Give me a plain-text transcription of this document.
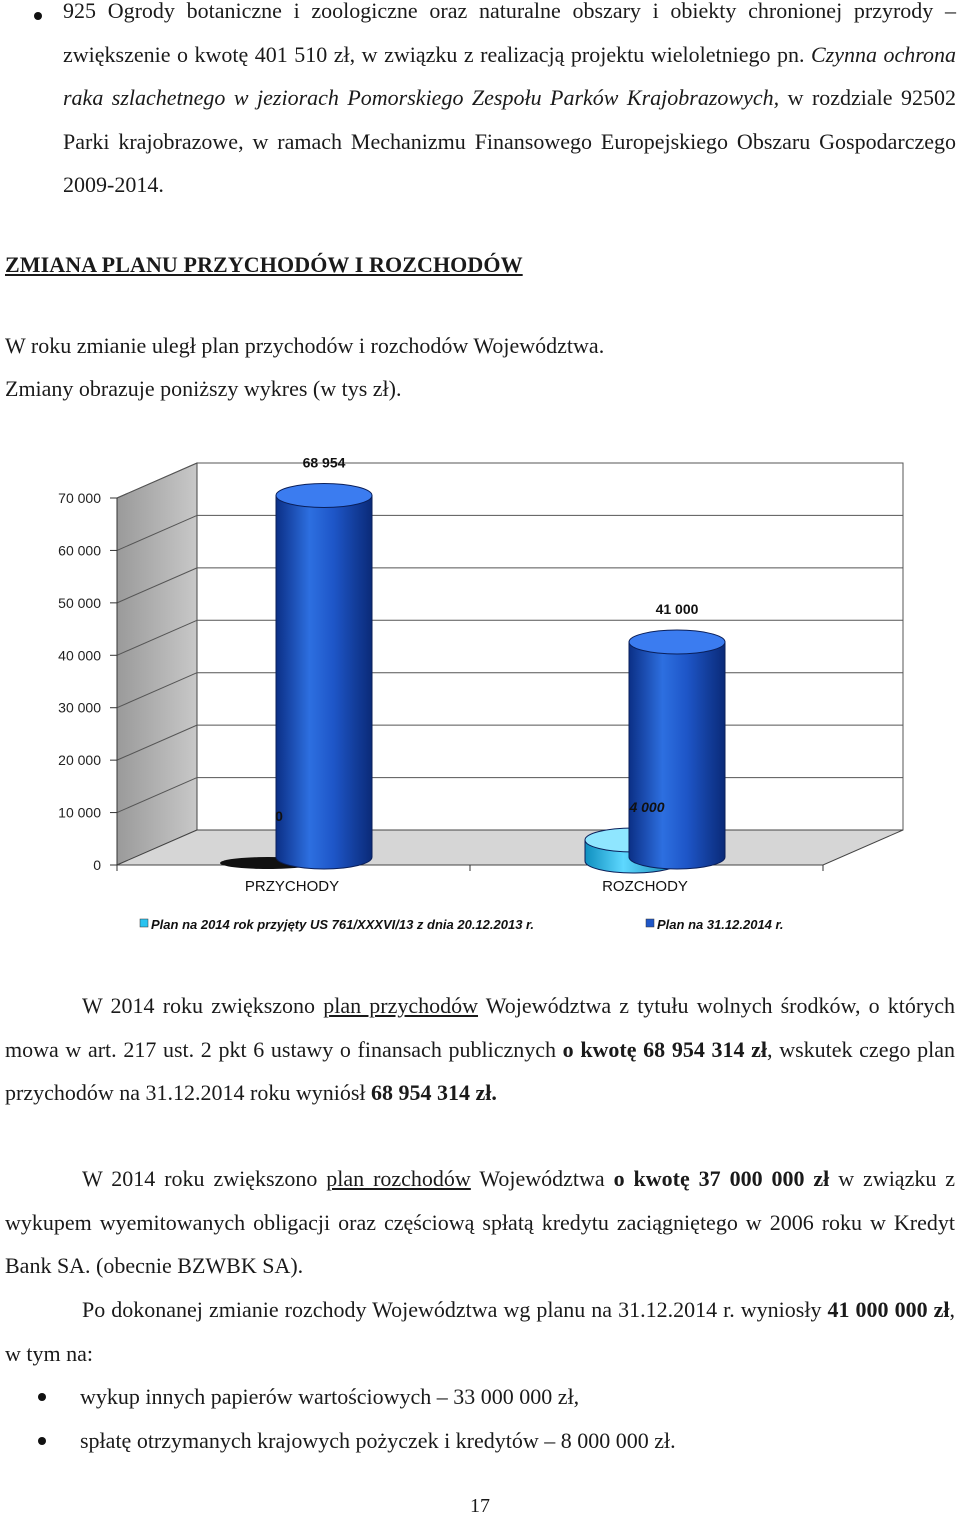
925 Ogrody botaniczne i zoologiczne oraz naturalne obszary i obiekty chronionej przyrody – zwiększenie o kwotę 401 510 zł, w związku z realizacją projektu wieloletniego pn. Czynna ochrona raka szlachetnego w jeziorach Pomorskiego Zespołu Parków Krajobrazowych, w rozdziale 92502 Parki krajobrazowe, w ramach Mechanizmu Finansowego Europejskiego Obszaru Gospodarczego 2009-2014.
ZMIANA PLANU PRZYCHODÓW I ROZCHODÓW
W roku zmianie uległ plan przychodów i rozchodów Województwa.
Zmiany obrazuje poniższy wykres (w tys zł).
0
10 000
20 000
30 000
40 000
50 000
60 000
70 000
0
68 954
4 000
41 000
PRZYCHODY	ROZCHODY
Plan na 2014 rok przyjęty US 761/XXXVI/13 z dnia 20.12.2013 r.	Plan na 31.12.2014 r.
W 2014 roku zwiększono plan przychodów Województwa z tytułu wolnych środków, o których mowa w art. 217 ust. 2 pkt 6 ustawy o finansach publicznych o kwotę 68 954 314 zł, wskutek czego plan przychodów na 31.12.2014 roku wyniósł 68 954 314 zł.
W 2014 roku zwiększono plan rozchodów Województwa o kwotę 37 000 000 zł w związku z wykupem wyemitowanych obligacji oraz częściową spłatą kredytu zaciągniętego w 2006 roku w Kredyt Bank SA. (obecnie BZWBK SA).
Po dokonanej zmianie rozchody Województwa wg planu na 31.12.2014 r. wyniosły 41 000 000 zł, w tym na:
wykup innych papierów wartościowych – 33 000 000 zł,
spłatę otrzymanych krajowych pożyczek i kredytów – 8 000 000 zł.
17
